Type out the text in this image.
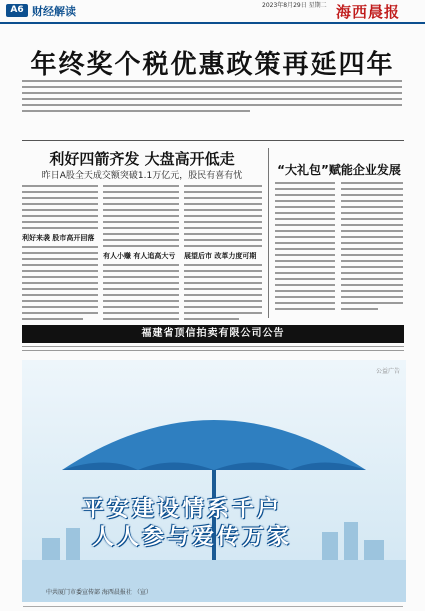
A6 财经解读	2023年8月29日 星期二 海西晨报
年终奖个税优惠政策再延四年
利好四箭齐发 大盘高开低走
昨日A股全天成交额突破1.1万亿元，股民有喜有忧
利好来袭 股市高开回落
有人小赚 有人追高大亏	展望后市 改革力度可期
“大礼包”赋能企业发展
福建省顶信拍卖有限公司公告
公益广告
平安建设情系千户
人人参与爱传万家
中共厦门市委宣传部 海西晨报社 （宣）
